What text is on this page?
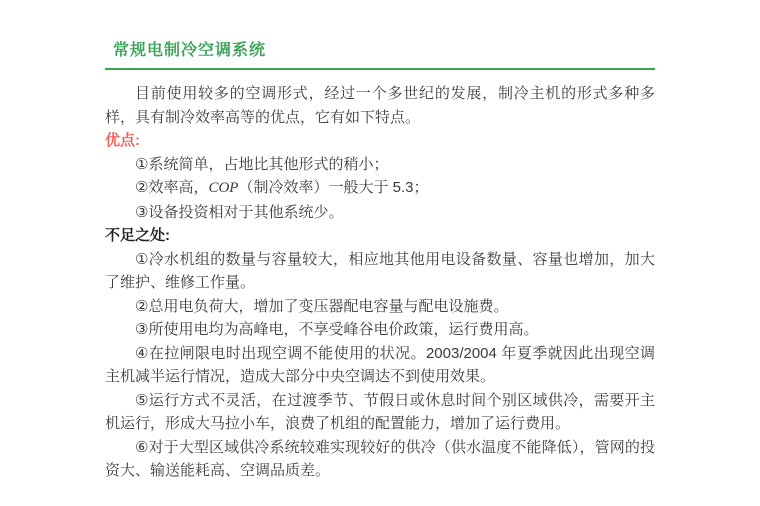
常规电制冷空调系统

目前使用较多的空调形式，经过一个多世纪的发展，制冷主机的形式多种多样，具有制冷效率高等的优点，它有如下特点。

优点:

①系统简单，占地比其他形式的稍小；

②效率高，COP（制冷效率）一般大于 5.3；

③设备投资相对于其他系统少。

不足之处:

①冷水机组的数量与容量较大，相应地其他用电设备数量、容量也增加，加大了维护、维修工作量。

②总用电负荷大，增加了变压器配电容量与配电设施费。

③所使用电均为高峰电，不享受峰谷电价政策，运行费用高。

④在拉闸限电时出现空调不能使用的状况。2003/2004 年夏季就因此出现空调主机减半运行情况，造成大部分中央空调达不到使用效果。

⑤运行方式不灵活，在过渡季节、节假日或休息时间个别区域供冷，需要开主机运行，形成大马拉小车，浪费了机组的配置能力，增加了运行费用。

⑥对于大型区域供冷系统较难实现较好的供冷（供水温度不能降低），管网的投资大、输送能耗高、空调品质差。
